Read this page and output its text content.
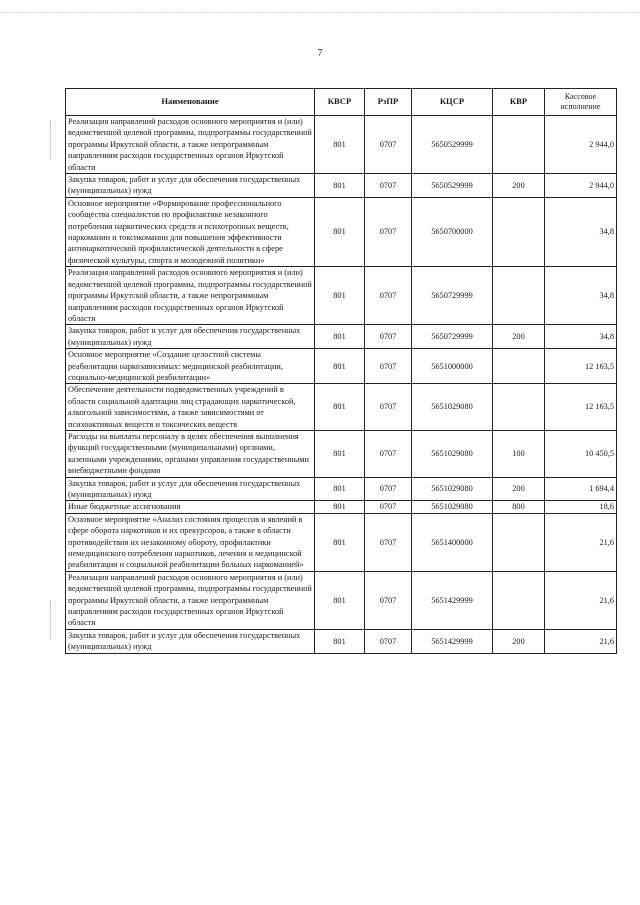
7
Наименование	КВСР	РзПР	КЦСР	КВР	Кассовое исполнение
Реализация направлений расходов основного мероприятия и (или) ведомственной целевой программы, подпрограммы государственной программы Иркутской области, а также непрограммным направлениям расходов государственных органов Иркутской области	801	0707	5650529999		2 944,0
Закупка товаров, работ и услуг для обеспечения государственных (муниципальных) нужд	801	0707	5650529999	200	2 944,0
Основное мероприятие «Формирование профессионального сообщества специалистов по профилактике незаконного потребления наркотических средств и психотропных веществ, наркомании и токсикомании для повышения эффективности антинаркотической профилактической деятельности в сфере физической культуры, спорта и молодежной политики»	801	0707	5650700000		34,8
Реализация направлений расходов основного мероприятия и (или) ведомственной целевой программы, подпрограммы государственной программы Иркутской области, а также непрограммным направлениям расходов государственных органов Иркутской области	801	0707	5650729999		34,8
Закупка товаров, работ и услуг для обеспечения государственных (муниципальных) нужд	801	0707	5650729999	200	34,8
Основное мероприятие «Создание целостной системы реабилитации наркозависимых: медицинской реабилитации, социально-медицинской реабилитации»	801	0707	5651000000		12 163,5
Обеспечение деятельности подведомственных учреждений в области социальной адаптации лиц страдающих наркотической, алкогольной зависимостями, а также зависимостями от психоактивных веществ и токсических веществ	801	0707	5651029080		12 163,5
Расходы на выплаты персоналу в целях обеспечения выполнения функций государственными (муниципальными) органами, казенными учреждениями, органами управления государственными внебюджетными фондами	801	0707	5651029080	100	10 450,5
Закупка товаров, работ и услуг для обеспечения государственных (муниципальных) нужд	801	0707	5651029080	200	1 694,4
Иные бюджетные ассигнования	801	0707	5651029080	800	18,6
Основное мероприятие «Анализ состояния процессов и явлений в сфере оборота наркотиков и их прекурсоров, а также в области противодействия их незаконному обороту, профилактики немедицинского потребления наркотиков, лечения и медицинской реабилитации и социальной реабилитации больных наркоманией»	801	0707	5651400000		21,6
Реализация направлений расходов основного мероприятия и (или) ведомственной целевой программы, подпрограммы государственной программы Иркутской области, а также непрограммным направлениям расходов государственных органов Иркутской области	801	0707	5651429999		21,6
Закупка товаров, работ и услуг для обеспечения государственных (муниципальных) нужд	801	0707	5651429999	200	21,6
